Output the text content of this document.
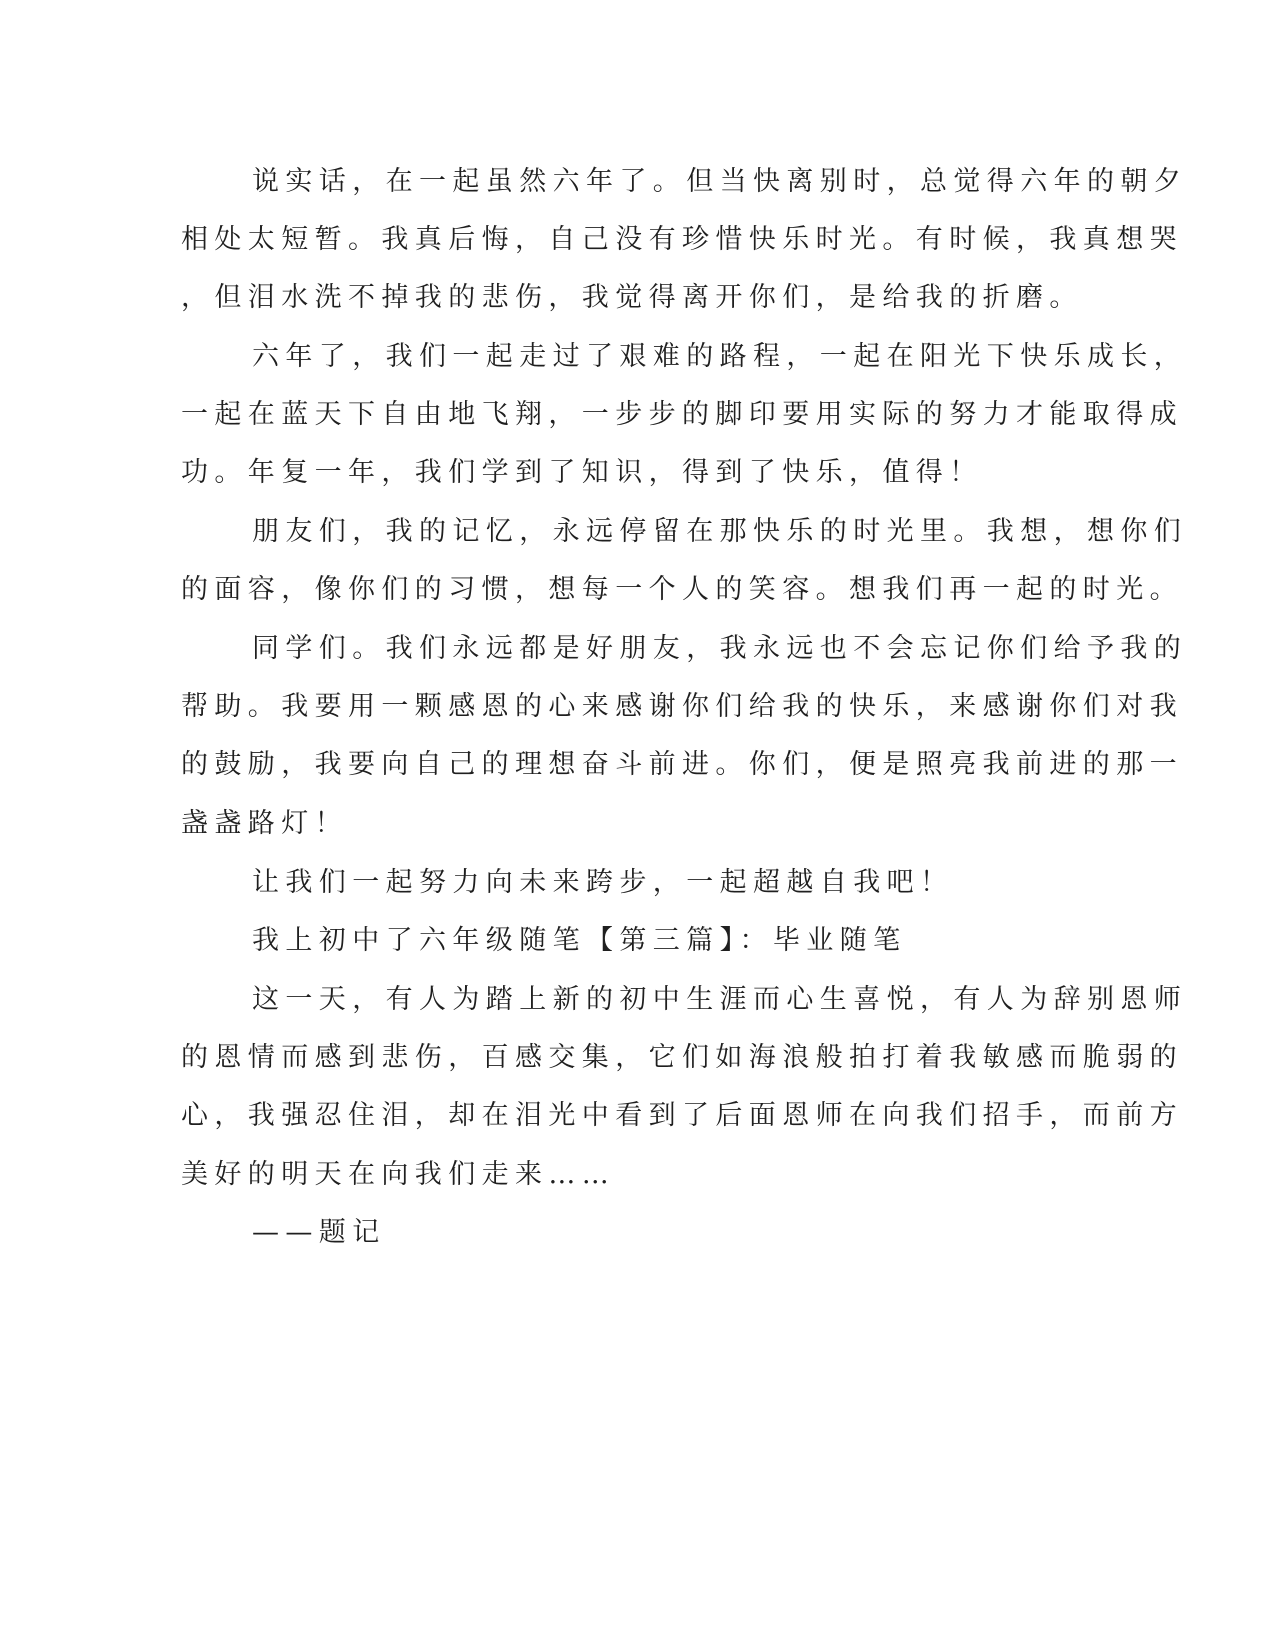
说实话，在一起虽然六年了。但当快离别时，总觉得六年的朝夕
相处太短暂。我真后悔，自己没有珍惜快乐时光。有时候，我真想哭
，但泪水洗不掉我的悲伤，我觉得离开你们，是给我的折磨。
六年了，我们一起走过了艰难的路程，一起在阳光下快乐成长，
一起在蓝天下自由地飞翔，一步步的脚印要用实际的努力才能取得成
功。年复一年，我们学到了知识，得到了快乐，值得！
朋友们，我的记忆，永远停留在那快乐的时光里。我想，想你们
的面容，像你们的习惯，想每一个人的笑容。想我们再一起的时光。
同学们。我们永远都是好朋友，我永远也不会忘记你们给予我的
帮助。我要用一颗感恩的心来感谢你们给我的快乐，来感谢你们对我
的鼓励，我要向自己的理想奋斗前进。你们，便是照亮我前进的那一
盏盏路灯！
让我们一起努力向未来跨步，一起超越自我吧！
我上初中了六年级随笔【第三篇】：毕业随笔
这一天，有人为踏上新的初中生涯而心生喜悦，有人为辞别恩师
的恩情而感到悲伤，百感交集，它们如海浪般拍打着我敏感而脆弱的
心，我强忍住泪，却在泪光中看到了后面恩师在向我们招手，而前方
美好的明天在向我们走来……
——题记
